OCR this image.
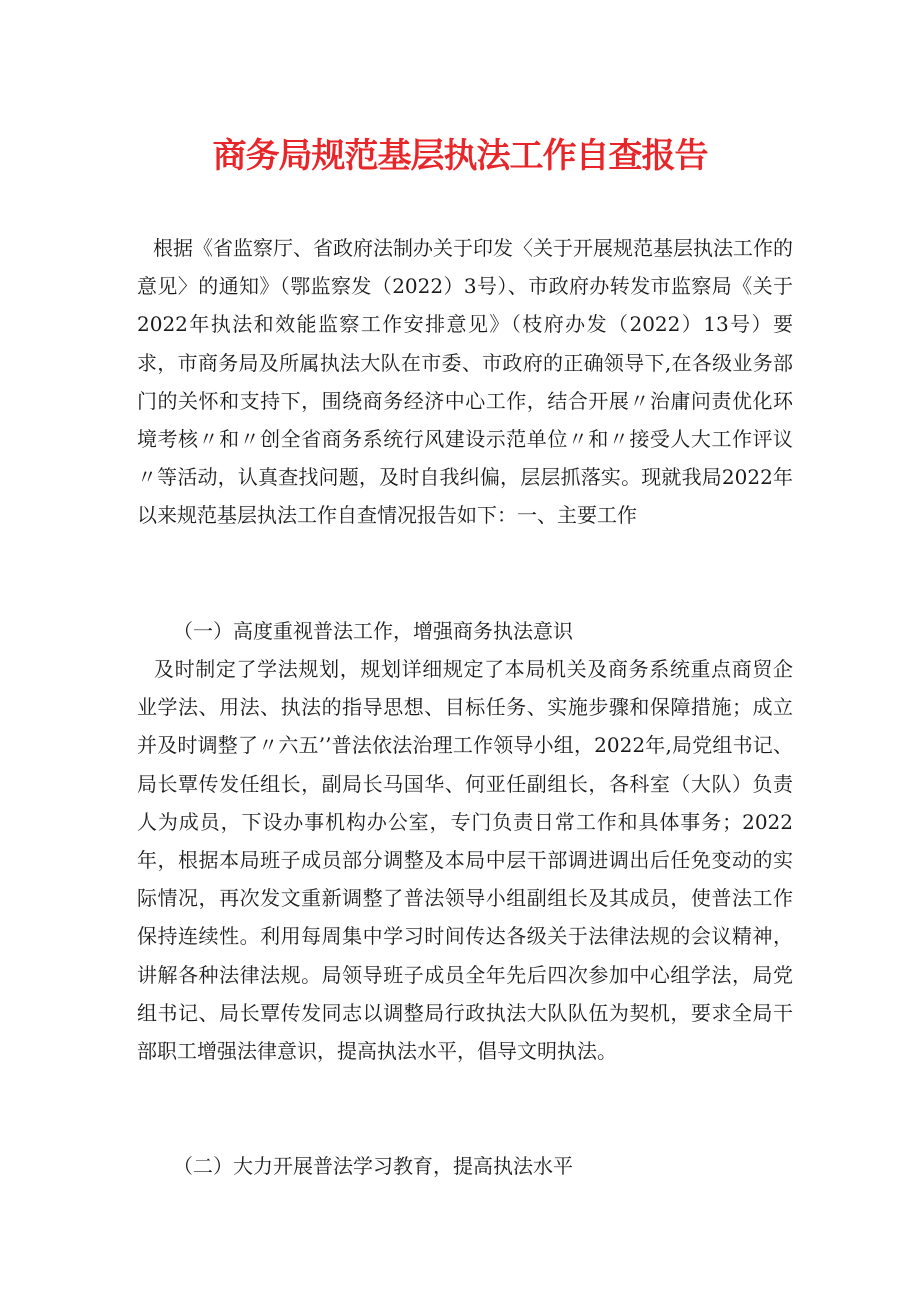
商务局规范基层执法工作自查报告

根据《省监察厅、省政府法制办关于印发〈关于开展规范基层执法工作的意见〉的通知》（鄂监察发（2022）3号）、市政府办转发市监察局《关于2022年执法和效能监察工作安排意见》（枝府办发（2022）13号）要求，市商务局及所属执法大队在市委、市政府的正确领导下,在各级业务部门的关怀和支持下，围绕商务经济中心工作，结合开展〃治庸问责优化环境考核〃和〃创全省商务系统行风建设示范单位〃和〃接受人大工作评议〃等活动，认真查找问题，及时自我纠偏，层层抓落实。现就我局2022年以来规范基层执法工作自查情况报告如下：一、主要工作

（一）高度重视普法工作，增强商务执法意识

及时制定了学法规划，规划详细规定了本局机关及商务系统重点商贸企业学法、用法、执法的指导思想、目标任务、实施步骤和保障措施；成立并及时调整了〃六五’’普法依法治理工作领导小组，2022年,局党组书记、局长覃传发任组长，副局长马国华、何亚任副组长，各科室（大队）负责人为成员，下设办事机构办公室，专门负责日常工作和具体事务；2022年，根据本局班子成员部分调整及本局中层干部调进调出后任免变动的实际情况，再次发文重新调整了普法领导小组副组长及其成员，使普法工作保持连续性。利用每周集中学习时间传达各级关于法律法规的会议精神，讲解各种法律法规。局领导班子成员全年先后四次参加中心组学法，局党组书记、局长覃传发同志以调整局行政执法大队队伍为契机，要求全局干部职工增强法律意识，提高执法水平，倡导文明执法。

（二）大力开展普法学习教育，提高执法水平
